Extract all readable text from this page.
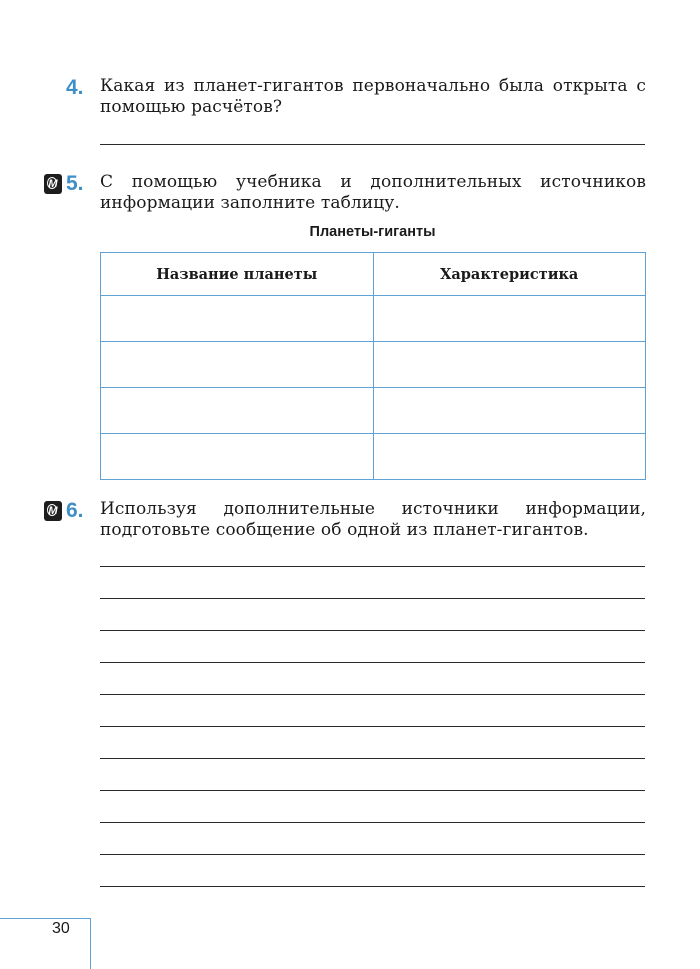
4. Какая из планет-гигантов первоначально была открыта с помощью расчётов?
М 5. С помощью учебника и дополнительных источников информации заполните таблицу.
Планеты-гиганты
Название планеты	Характеристика

М 6. Используя дополнительные источники информации, подготовьте сообщение об одной из планет-гигантов.
30
